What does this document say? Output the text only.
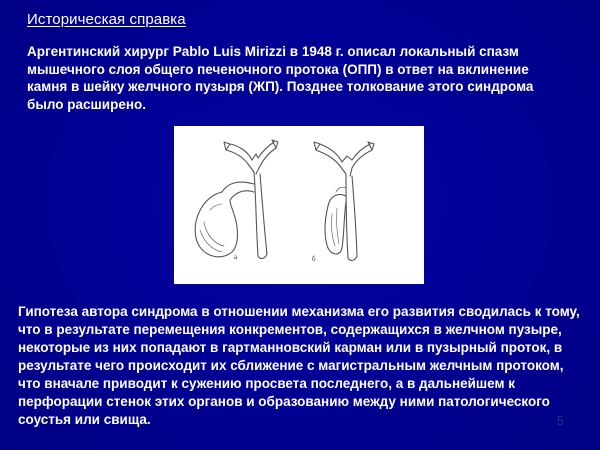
Историческая справка
Аргентинский хирург Pablo Luis Mirizzi в 1948 г. описал локальный спазм мышечного слоя общего печеночного протока (ОПП) в ответ на вклинение камня в шейку желчного пузыря (ЖП). Позднее толкование этого синдрома было расширено.
а	б
Гипотеза автора синдрома в отношении механизма его развития сводилась к тому, что в результате перемещения конкрементов, содержащихся в желчном пузыре, некоторые из них попадают в гартманновский карман или в пузырный проток, в результате чего происходит их сближение с магистральным желчным протоком, что вначале приводит к сужению просвета последнего, а в дальнейшем к перфорации стенок этих органов и образованию между ними патологического соустья или свища.	5
